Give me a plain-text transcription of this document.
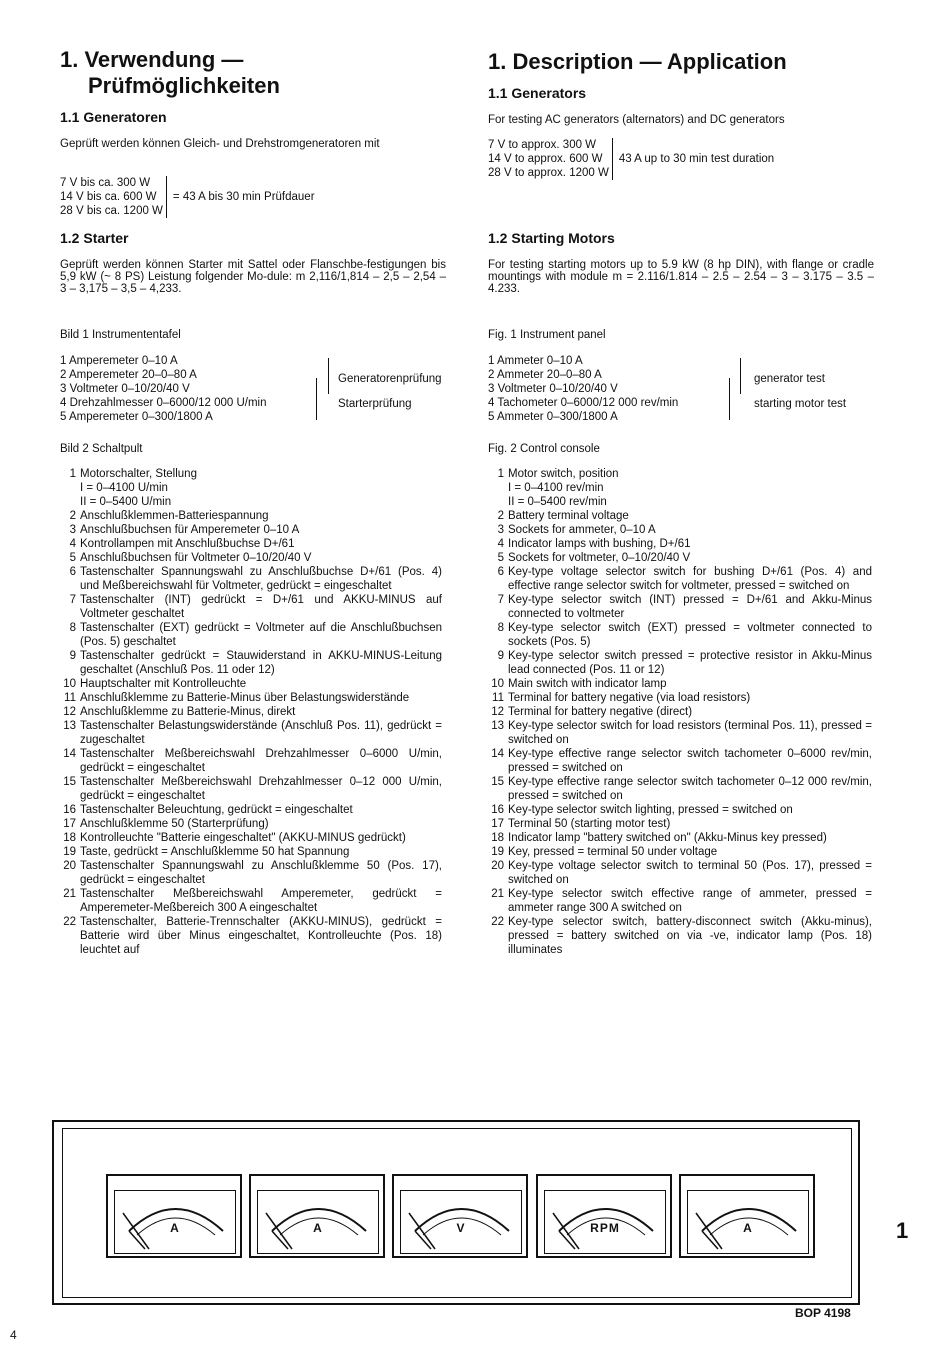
1. Verwendung —
Prüfmöglichkeiten
1.1 Generatoren
Geprüft werden können Gleich- und Drehstromgeneratoren mit
7 V bis ca. 300 W
14 V bis ca. 600 W
28 V bis ca. 1200 W
= 43 A bis 30 min Prüfdauer
1.2 Starter
Geprüft werden können Starter mit Sattel oder Flanschbe-festigungen bis 5,9 kW (~ 8 PS) Leistung folgender Mo-dule: m 2,116/1,814 – 2,5 – 2,54 – 3 – 3,175 – 3,5 – 4,233.
Bild 1 Instrumententafel
1 Amperemeter 0–10 A
2 Amperemeter 20–0–80 A
3 Voltmeter 0–10/20/40 V
4 Drehzahlmesser 0–6000/12 000 U/min
5 Amperemeter 0–300/1800 A
Generatorenprüfung
Starterprüfung
Bild 2 Schaltpult
1 Motorschalter, Stellung
I = 0–4100 U/min
II = 0–5400 U/min
2 Anschlußklemmen-Batteriespannung
3 Anschlußbuchsen für Amperemeter 0–10 A
4 Kontrollampen mit Anschlußbuchse D+/61
5 Anschlußbuchsen für Voltmeter 0–10/20/40 V
6 Tastenschalter Spannungswahl zu Anschlußbuchse D+/61 (Pos. 4) und Meßbereichswahl für Voltmeter, gedrückt = eingeschaltet
7 Tastenschalter (INT) gedrückt = D+/61 und AKKU-MINUS auf Voltmeter geschaltet
8 Tastenschalter (EXT) gedrückt = Voltmeter auf die Anschlußbuchsen (Pos. 5) geschaltet
9 Tastenschalter gedrückt = Stauwiderstand in AKKU-MINUS-Leitung geschaltet (Anschluß Pos. 11 oder 12)
10 Hauptschalter mit Kontrolleuchte
11 Anschlußklemme zu Batterie-Minus über Belastungswiderstände
12 Anschlußklemme zu Batterie-Minus, direkt
13 Tastenschalter Belastungswiderstände (Anschluß Pos. 11), gedrückt = zugeschaltet
14 Tastenschalter Meßbereichswahl Drehzahlmesser 0–6000 U/min, gedrückt = eingeschaltet
15 Tastenschalter Meßbereichswahl Drehzahlmesser 0–12 000 U/min, gedrückt = eingeschaltet
16 Tastenschalter Beleuchtung, gedrückt = eingeschaltet
17 Anschlußklemme 50 (Starterprüfung)
18 Kontrolleuchte "Batterie eingeschaltet" (AKKU-MINUS gedrückt)
19 Taste, gedrückt = Anschlußklemme 50 hat Spannung
20 Tastenschalter Spannungswahl zu Anschlußklemme 50 (Pos. 17), gedrückt = eingeschaltet
21 Tastenschalter Meßbereichswahl Amperemeter, gedrückt = Amperemeter-Meßbereich 300 A eingeschaltet
22 Tastenschalter, Batterie-Trennschalter (AKKU-MINUS), gedrückt = Batterie wird über Minus eingeschaltet, Kontrolleuchte (Pos. 18) leuchtet auf
1. Description — Application
1.1 Generators
For testing AC generators (alternators) and DC generators
7 V to approx. 300 W
14 V to approx. 600 W
28 V to approx. 1200 W
43 A up to 30 min test duration
1.2 Starting Motors
For testing starting motors up to 5.9 kW (8 hp DIN), with flange or cradle mountings with module m = 2.116/1.814 – 2.5 – 2.54 – 3 – 3.175 – 3.5 – 4.233.
Fig. 1 Instrument panel
1 Ammeter 0–10 A
2 Ammeter 20–0–80 A
3 Voltmeter 0–10/20/40 V
4 Tachometer 0–6000/12 000 rev/min
5 Ammeter 0–300/1800 A
generator test
starting motor test
Fig. 2 Control console
1 Motor switch, position
I = 0–4100 rev/min
II = 0–5400 rev/min
2 Battery terminal voltage
3 Sockets for ammeter, 0–10 A
4 Indicator lamps with bushing, D+/61
5 Sockets for voltmeter, 0–10/20/40 V
6 Key-type voltage selector switch for bushing D+/61 (Pos. 4) and effective range selector switch for voltmeter, pressed = switched on
7 Key-type selector switch (INT) pressed = D+/61 and Akku-Minus connected to voltmeter
8 Key-type selector switch (EXT) pressed = voltmeter connected to sockets (Pos. 5)
9 Key-type selector switch pressed = protective resistor in Akku-Minus lead connected (Pos. 11 or 12)
10 Main switch with indicator lamp
11 Terminal for battery negative (via load resistors)
12 Terminal for battery negative (direct)
13 Key-type selector switch for load resistors (terminal Pos. 11), pressed = switched on
14 Key-type effective range selector switch tachometer 0–6000 rev/min, pressed = switched on
15 Key-type effective range selector switch tachometer 0–12 000 rev/min, pressed = switched on
16 Key-type selector switch lighting, pressed = switched on
17 Terminal 50 (starting motor test)
18 Indicator lamp "battery switched on" (Akku-Minus key pressed)
19 Key, pressed = terminal 50 under voltage
20 Key-type voltage selector switch to terminal 50 (Pos. 17), pressed = switched on
21 Key-type selector switch effective range of ammeter, pressed = ammeter range 300 A switched on
22 Key-type selector switch, battery-disconnect switch (Akku-minus), pressed = battery switched on via -ve, indicator lamp (Pos. 18) illuminates
A	A	V	RPM	A	1
BOP 4198
4
